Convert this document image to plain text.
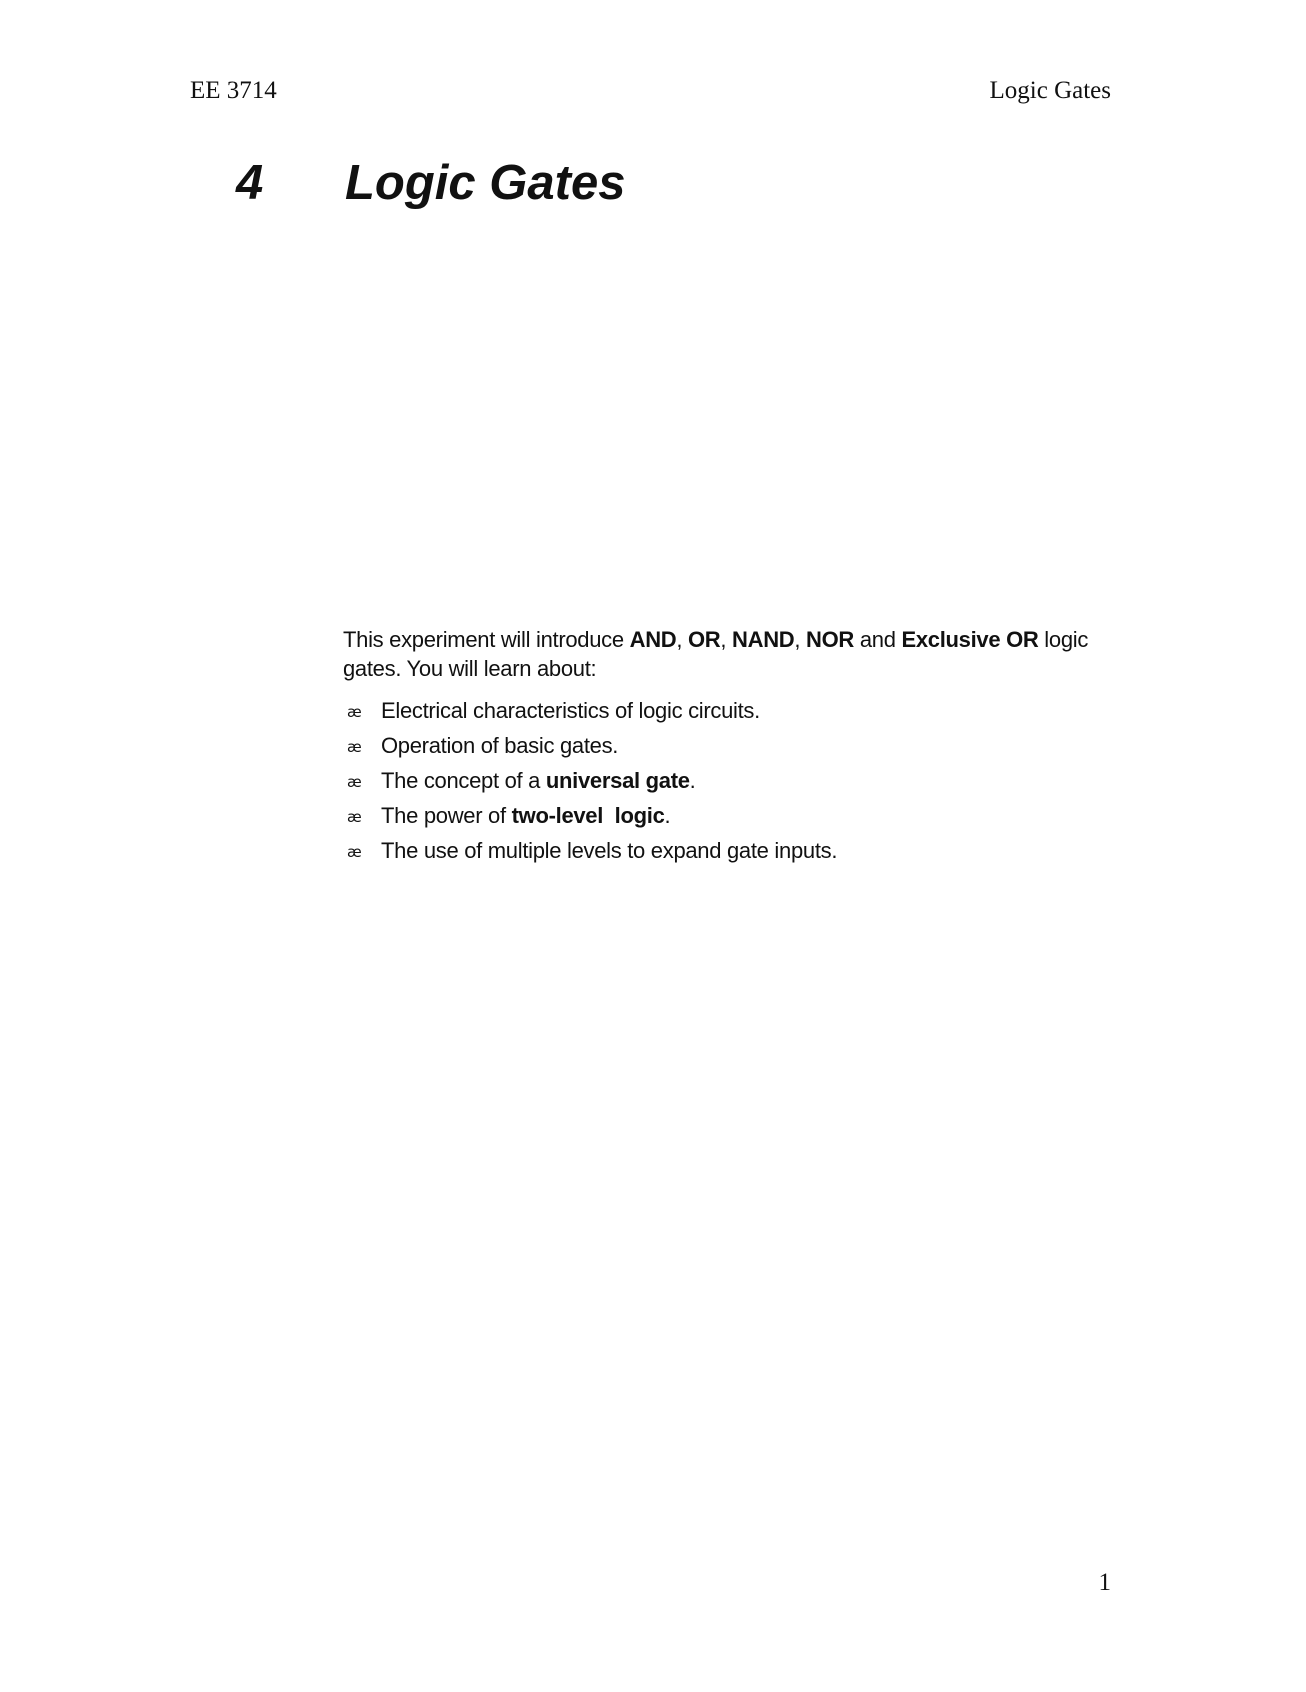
EE 3714	Logic Gates
4 Logic Gates

This experiment will introduce AND, OR, NAND, NOR and Exclusive OR logic gates. You will learn about:

æ Electrical characteristics of logic circuits.
æ Operation of basic gates.
æ The concept of a universal gate.
æ The power of two-level  logic.
æ The use of multiple levels to expand gate inputs.
1
